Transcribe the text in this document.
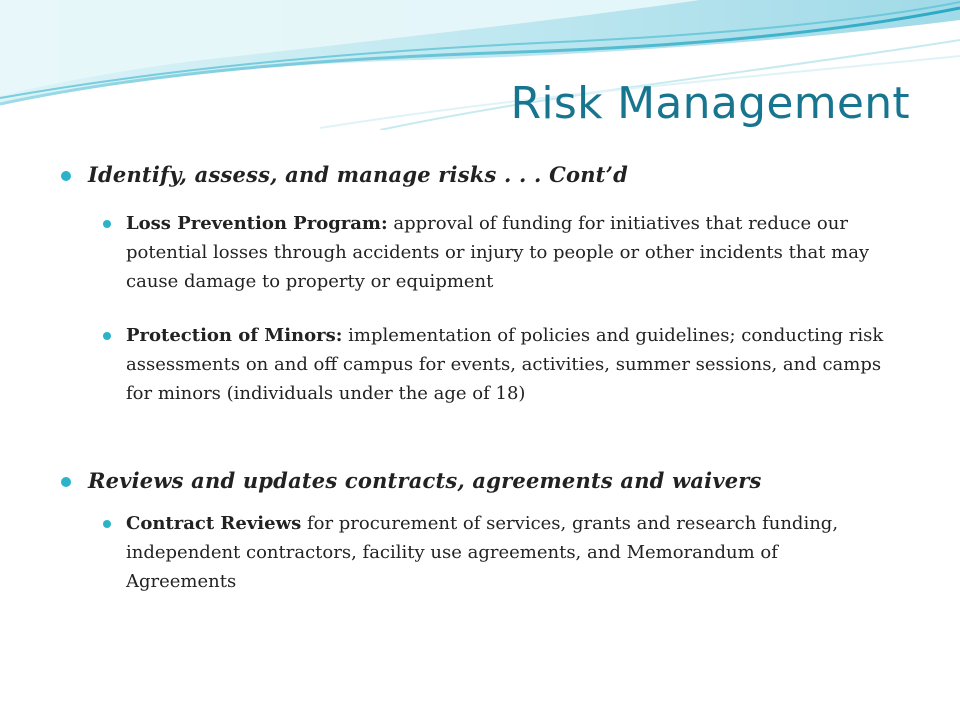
Risk Management
Identify, assess, and manage risks . . . Cont’d
Loss Prevention Program: approval of funding for initiatives that reduce our potential losses through accidents or injury to people or other incidents that may cause damage to property or equipment
Protection of Minors: implementation of policies and guidelines; conducting risk assessments on and off campus for events, activities, summer sessions, and camps for minors (individuals under the age of 18)
Reviews and updates contracts, agreements and waivers
Contract Reviews for procurement of services, grants and research funding, independent contractors, facility use agreements, and Memorandum of Agreements
